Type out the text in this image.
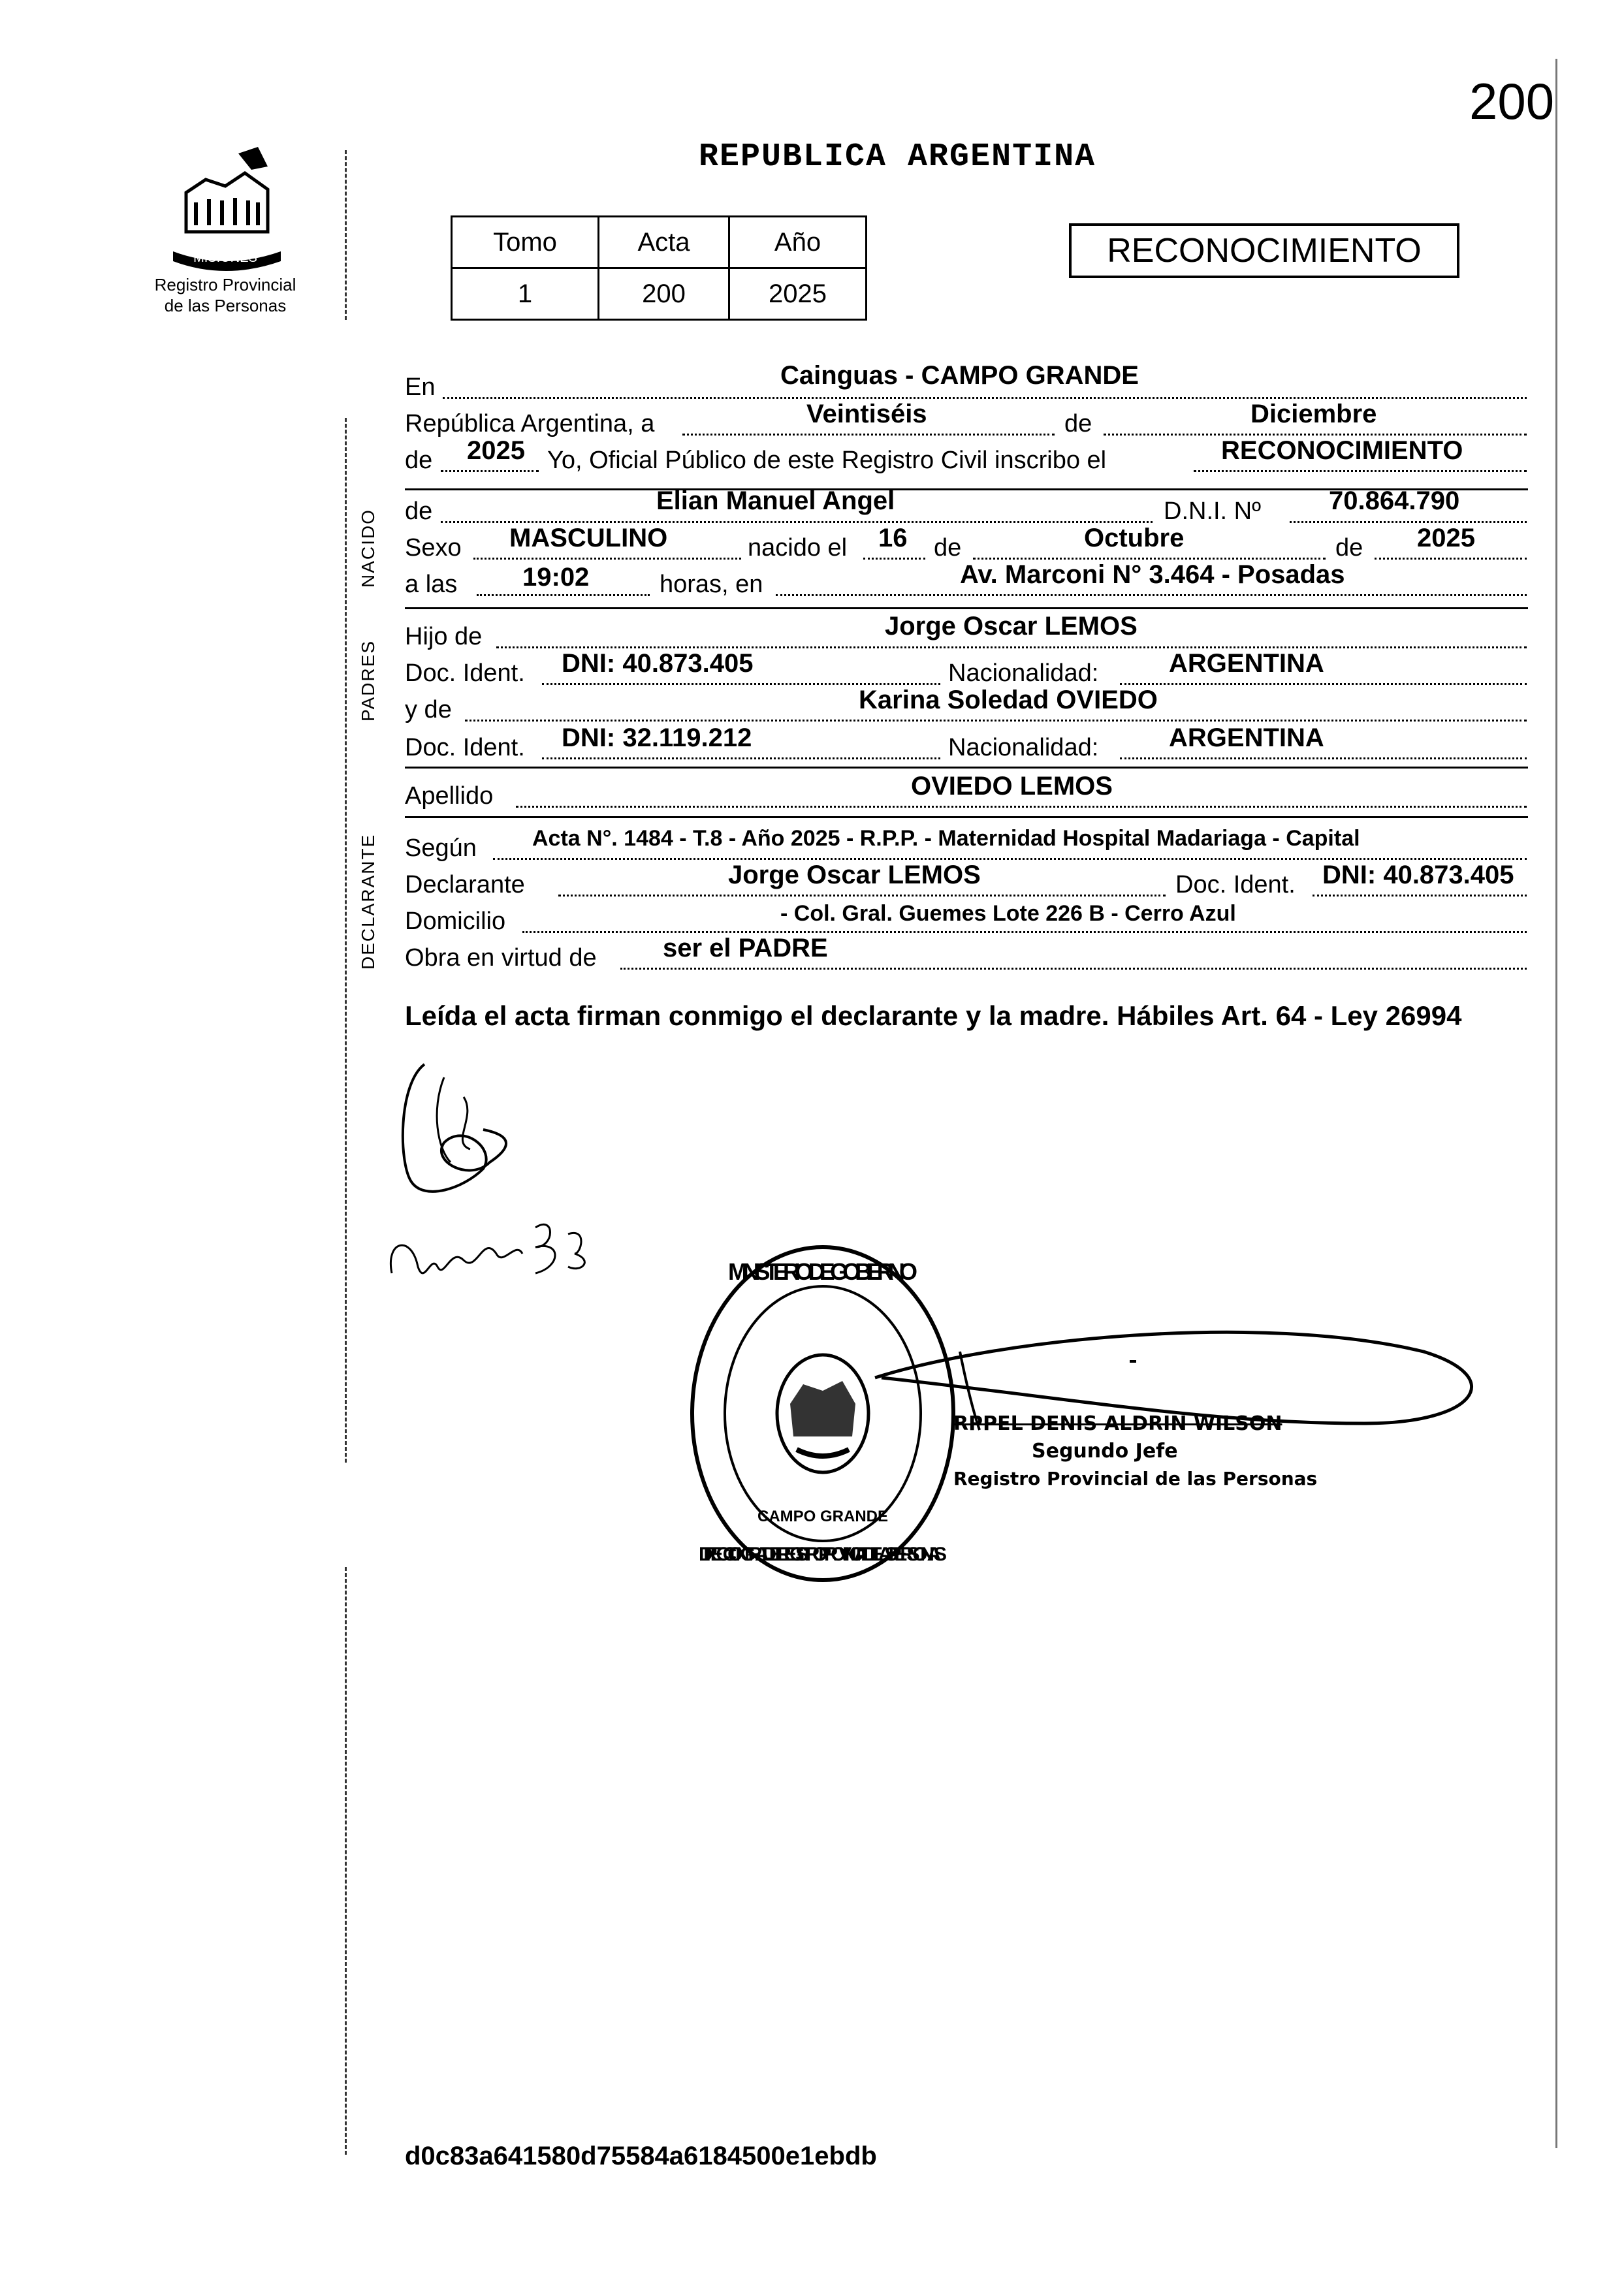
200
REPUBLICA ARGENTINA
MISIONES
Registro Provincial
de las Personas
Tomo	Acta	Año
1	200	2025
RECONOCIMIENTO
En	Cainguas - CAMPO GRANDE
República Argentina, a	Veintiséis	de	Diciembre
de 2025 Yo, Oficial Público de este Registro Civil inscribo el	RECONOCIMIENTO
NACIDO de	Elian Manuel Angel	D.N.I. Nº	70.864.790
Sexo MASCULINO	nacido el 16 de	Octubre	de 2025
a las 19:02	horas, en	Av. Marconi N° 3.464 - Posadas
PADRES
Hijo de	Jorge Oscar LEMOS
Doc. Ident. DNI: 40.873.405	Nacionalidad:	ARGENTINA
y de	Karina Soledad OVIEDO
Doc. Ident. DNI: 32.119.212	Nacionalidad:	ARGENTINA
Apellido	OVIEDO LEMOS
DECLARANTE Según	Acta N°. 1484 - T.8 - Año 2025 - R.P.P. - Maternidad Hospital Madariaga - Capital
Declarante	Jorge Oscar LEMOS	Doc. Ident. DNI: 40.873.405
Domicilio	- Col. Gral. Guemes Lote 226 B - Cerro Azul
Obra en virtud de	ser el PADRE
Leída el acta firman conmigo el declarante y la madre. Hábiles Art. 64 - Ley 26994
MINISTERIO DE GOBIERNO
DIRECCION GRAL. DEL REGISTRO PROVINCIAL DE LAS PERSONAS
CAMPO GRANDE
RPPEL DENIS ALDRIN WILSON
Segundo Jefe
Registro Provincial de las Personas
d0c83a641580d75584a6184500e1ebdb
